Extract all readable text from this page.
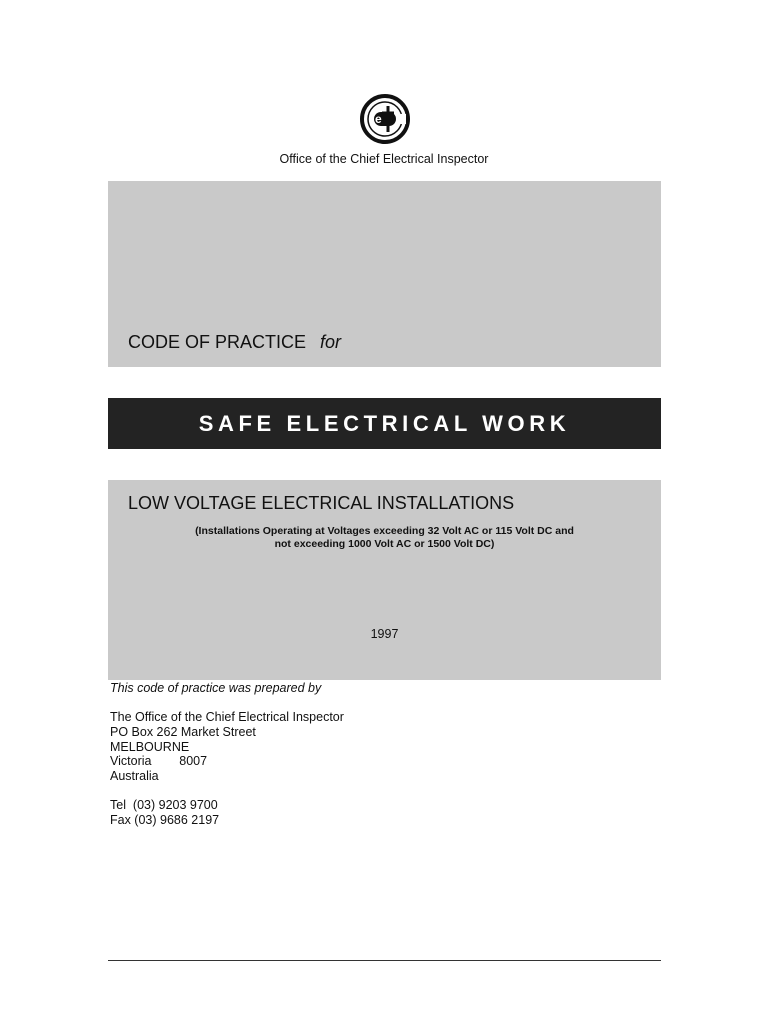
e
Office of the Chief Electrical Inspector
CODE OF PRACTICE for
SAFE ELECTRICAL WORK
LOW VOLTAGE ELECTRICAL INSTALLATIONS
(Installations Operating at Voltages exceeding 32 Volt AC or 115 Volt DC and
not exceeding 1000 Volt AC or 1500 Volt DC)
1997
This code of practice was prepared by
The Office of the Chief Electrical Inspector
PO Box 262 Market Street
MELBOURNE
Victoria        8007
Australia
Tel  (03) 9203 9700
Fax (03) 9686 2197
